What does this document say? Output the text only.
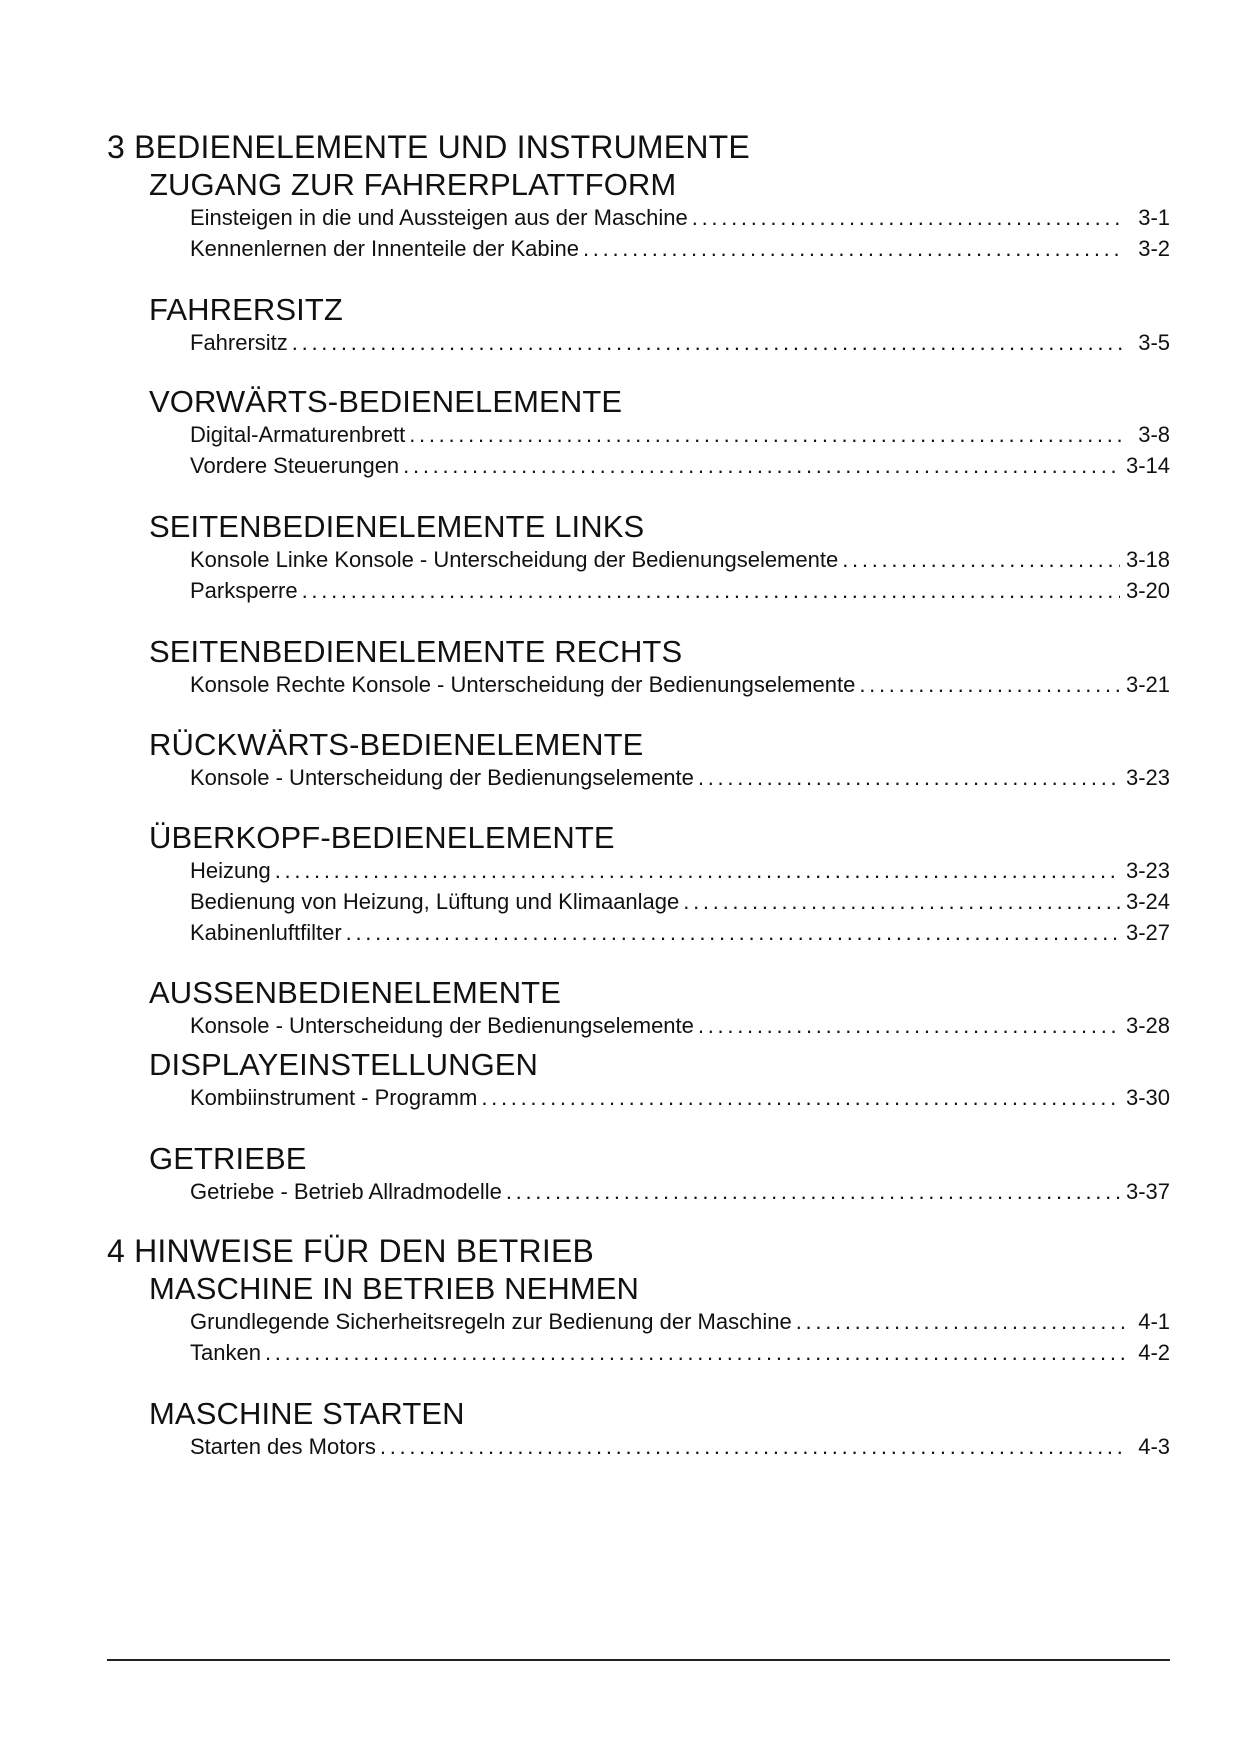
3 BEDIENELEMENTE UND INSTRUMENTE
ZUGANG ZUR FAHRERPLATTFORM
Einsteigen in die und Aussteigen aus der Maschine . . .	3-1
Kennenlernen der Innenteile der Kabine . . .	3-2
FAHRERSITZ
Fahrersitz . . .	3-5
VORWÄRTS-BEDIENELEMENTE
Digital-Armaturenbrett . . .	3-8
Vordere Steuerungen . . .	3-14
SEITENBEDIENELEMENTE LINKS
Konsole Linke Konsole - Unterscheidung der Bedienungselemente . . .	3-18
Parksperre . . .	3-20
SEITENBEDIENELEMENTE RECHTS
Konsole Rechte Konsole - Unterscheidung der Bedienungselemente . . .	3-21
RÜCKWÄRTS-BEDIENELEMENTE
Konsole - Unterscheidung der Bedienungselemente . . .	3-23
ÜBERKOPF-BEDIENELEMENTE
Heizung . . .	3-23
Bedienung von Heizung, Lüftung und Klimaanlage . . .	3-24
Kabinenluftfilter . . .	3-27
AUSSENBEDIENELEMENTE
Konsole - Unterscheidung der Bedienungselemente . . .	3-28
DISPLAYEINSTELLUNGEN
Kombiinstrument - Programm . . .	3-30
GETRIEBE
Getriebe - Betrieb Allradmodelle . . .	3-37
4 HINWEISE FÜR DEN BETRIEB
MASCHINE IN BETRIEB NEHMEN
Grundlegende Sicherheitsregeln zur Bedienung der Maschine . . .	4-1
Tanken . . .	4-2
MASCHINE STARTEN
Starten des Motors . . .	4-3
